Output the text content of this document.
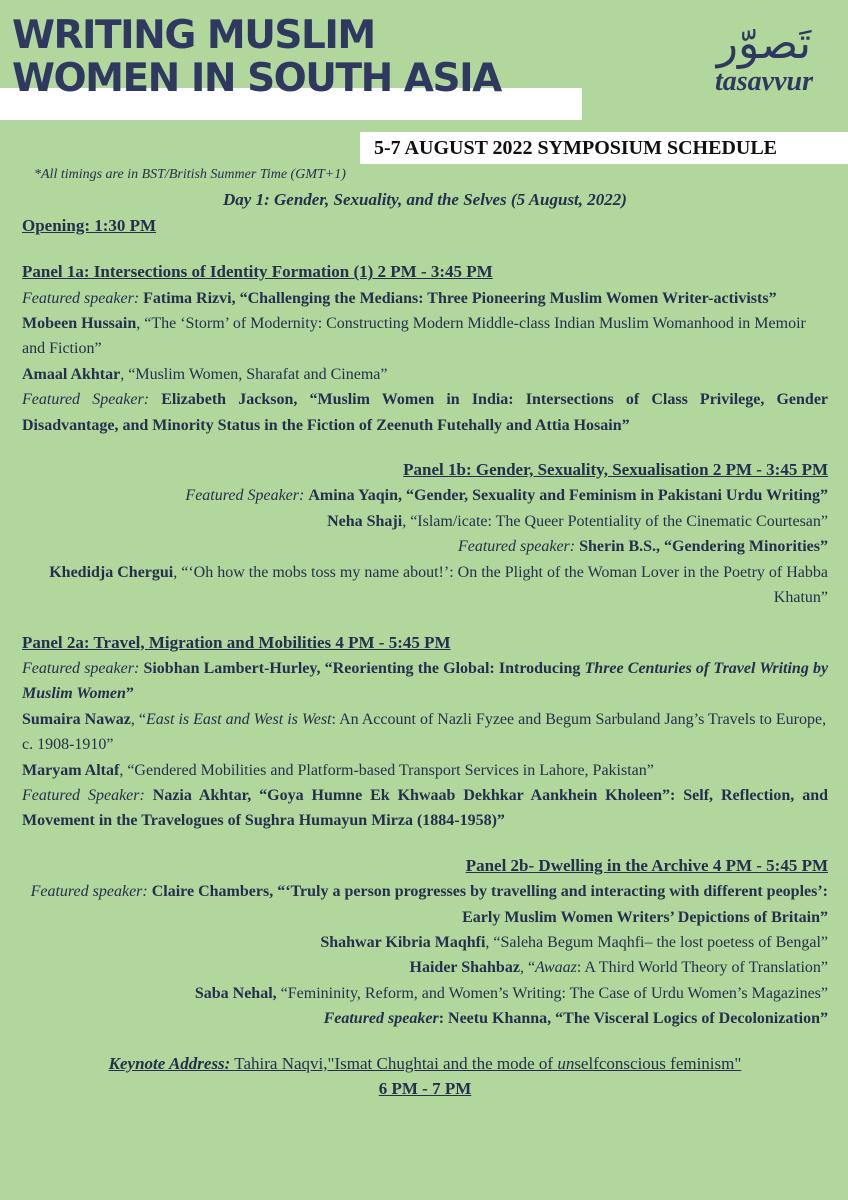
WRITING MUSLIM
WOMEN IN SOUTH ASIA
تَصوّر
tasavvur
5-7 AUGUST 2022 SYMPOSIUM SCHEDULE

*All timings are in BST/British Summer Time (GMT+1)

Day 1: Gender, Sexuality, and the Selves (5 August, 2022)

Opening: 1:30 PM

Panel 1a: Intersections of Identity Formation (1) 2 PM - 3:45 PM

Featured speaker: Fatima Rizvi, “Challenging the Medians: Three Pioneering Muslim Women Writer-activists”

Mobeen Hussain, “The ‘Storm’ of Modernity: Constructing Modern Middle-class Indian Muslim Womanhood in Memoir and Fiction”

Amaal Akhtar, “Muslim Women, Sharafat and Cinema”

Featured Speaker: Elizabeth Jackson, “Muslim Women in India: Intersections of Class Privilege, Gender Disadvantage, and Minority Status in the Fiction of Zeenuth Futehally and Attia Hosain”

Panel 1b: Gender, Sexuality, Sexualisation 2 PM - 3:45 PM

Featured Speaker: Amina Yaqin, “Gender, Sexuality and Feminism in Pakistani Urdu Writing”

Neha Shaji, “Islam/icate: The Queer Potentiality of the Cinematic Courtesan”

Featured speaker: Sherin B.S., “Gendering Minorities”

Khedidja Chergui, “‘Oh how the mobs toss my name about!’: On the Plight of the Woman Lover in the Poetry of Habba Khatun”

Panel 2a: Travel, Migration and Mobilities 4 PM - 5:45 PM

Featured speaker: Siobhan Lambert-Hurley, “Reorienting the Global: Introducing Three Centuries of Travel Writing by Muslim Women”

Sumaira Nawaz, “East is East and West is West: An Account of Nazli Fyzee and Begum Sarbuland Jang’s Travels to Europe, c. 1908-1910”

Maryam Altaf, “Gendered Mobilities and Platform-based Transport Services in Lahore, Pakistan”

Featured Speaker: Nazia Akhtar, “Goya Humne Ek Khwaab Dekhkar Aankhein Kholeen”: Self, Reflection, and Movement in the Travelogues of Sughra Humayun Mirza (1884-1958)”

Panel 2b- Dwelling in the Archive 4 PM - 5:45 PM

Featured speaker: Claire Chambers, “‘Truly a person progresses by travelling and interacting with different peoples’: Early Muslim Women Writers’ Depictions of Britain”

Shahwar Kibria Maqhfi, “Saleha Begum Maqhfi– the lost poetess of Bengal”

Haider Shahbaz, “Awaaz: A Third World Theory of Translation”

Saba Nehal, “Femininity, Reform, and Women’s Writing: The Case of Urdu Women’s Magazines”

Featured speaker: Neetu Khanna, “The Visceral Logics of Decolonization”

Keynote Address: Tahira Naqvi,"Ismat Chughtai and the mode of unselfconscious feminism"

6 PM - 7 PM
